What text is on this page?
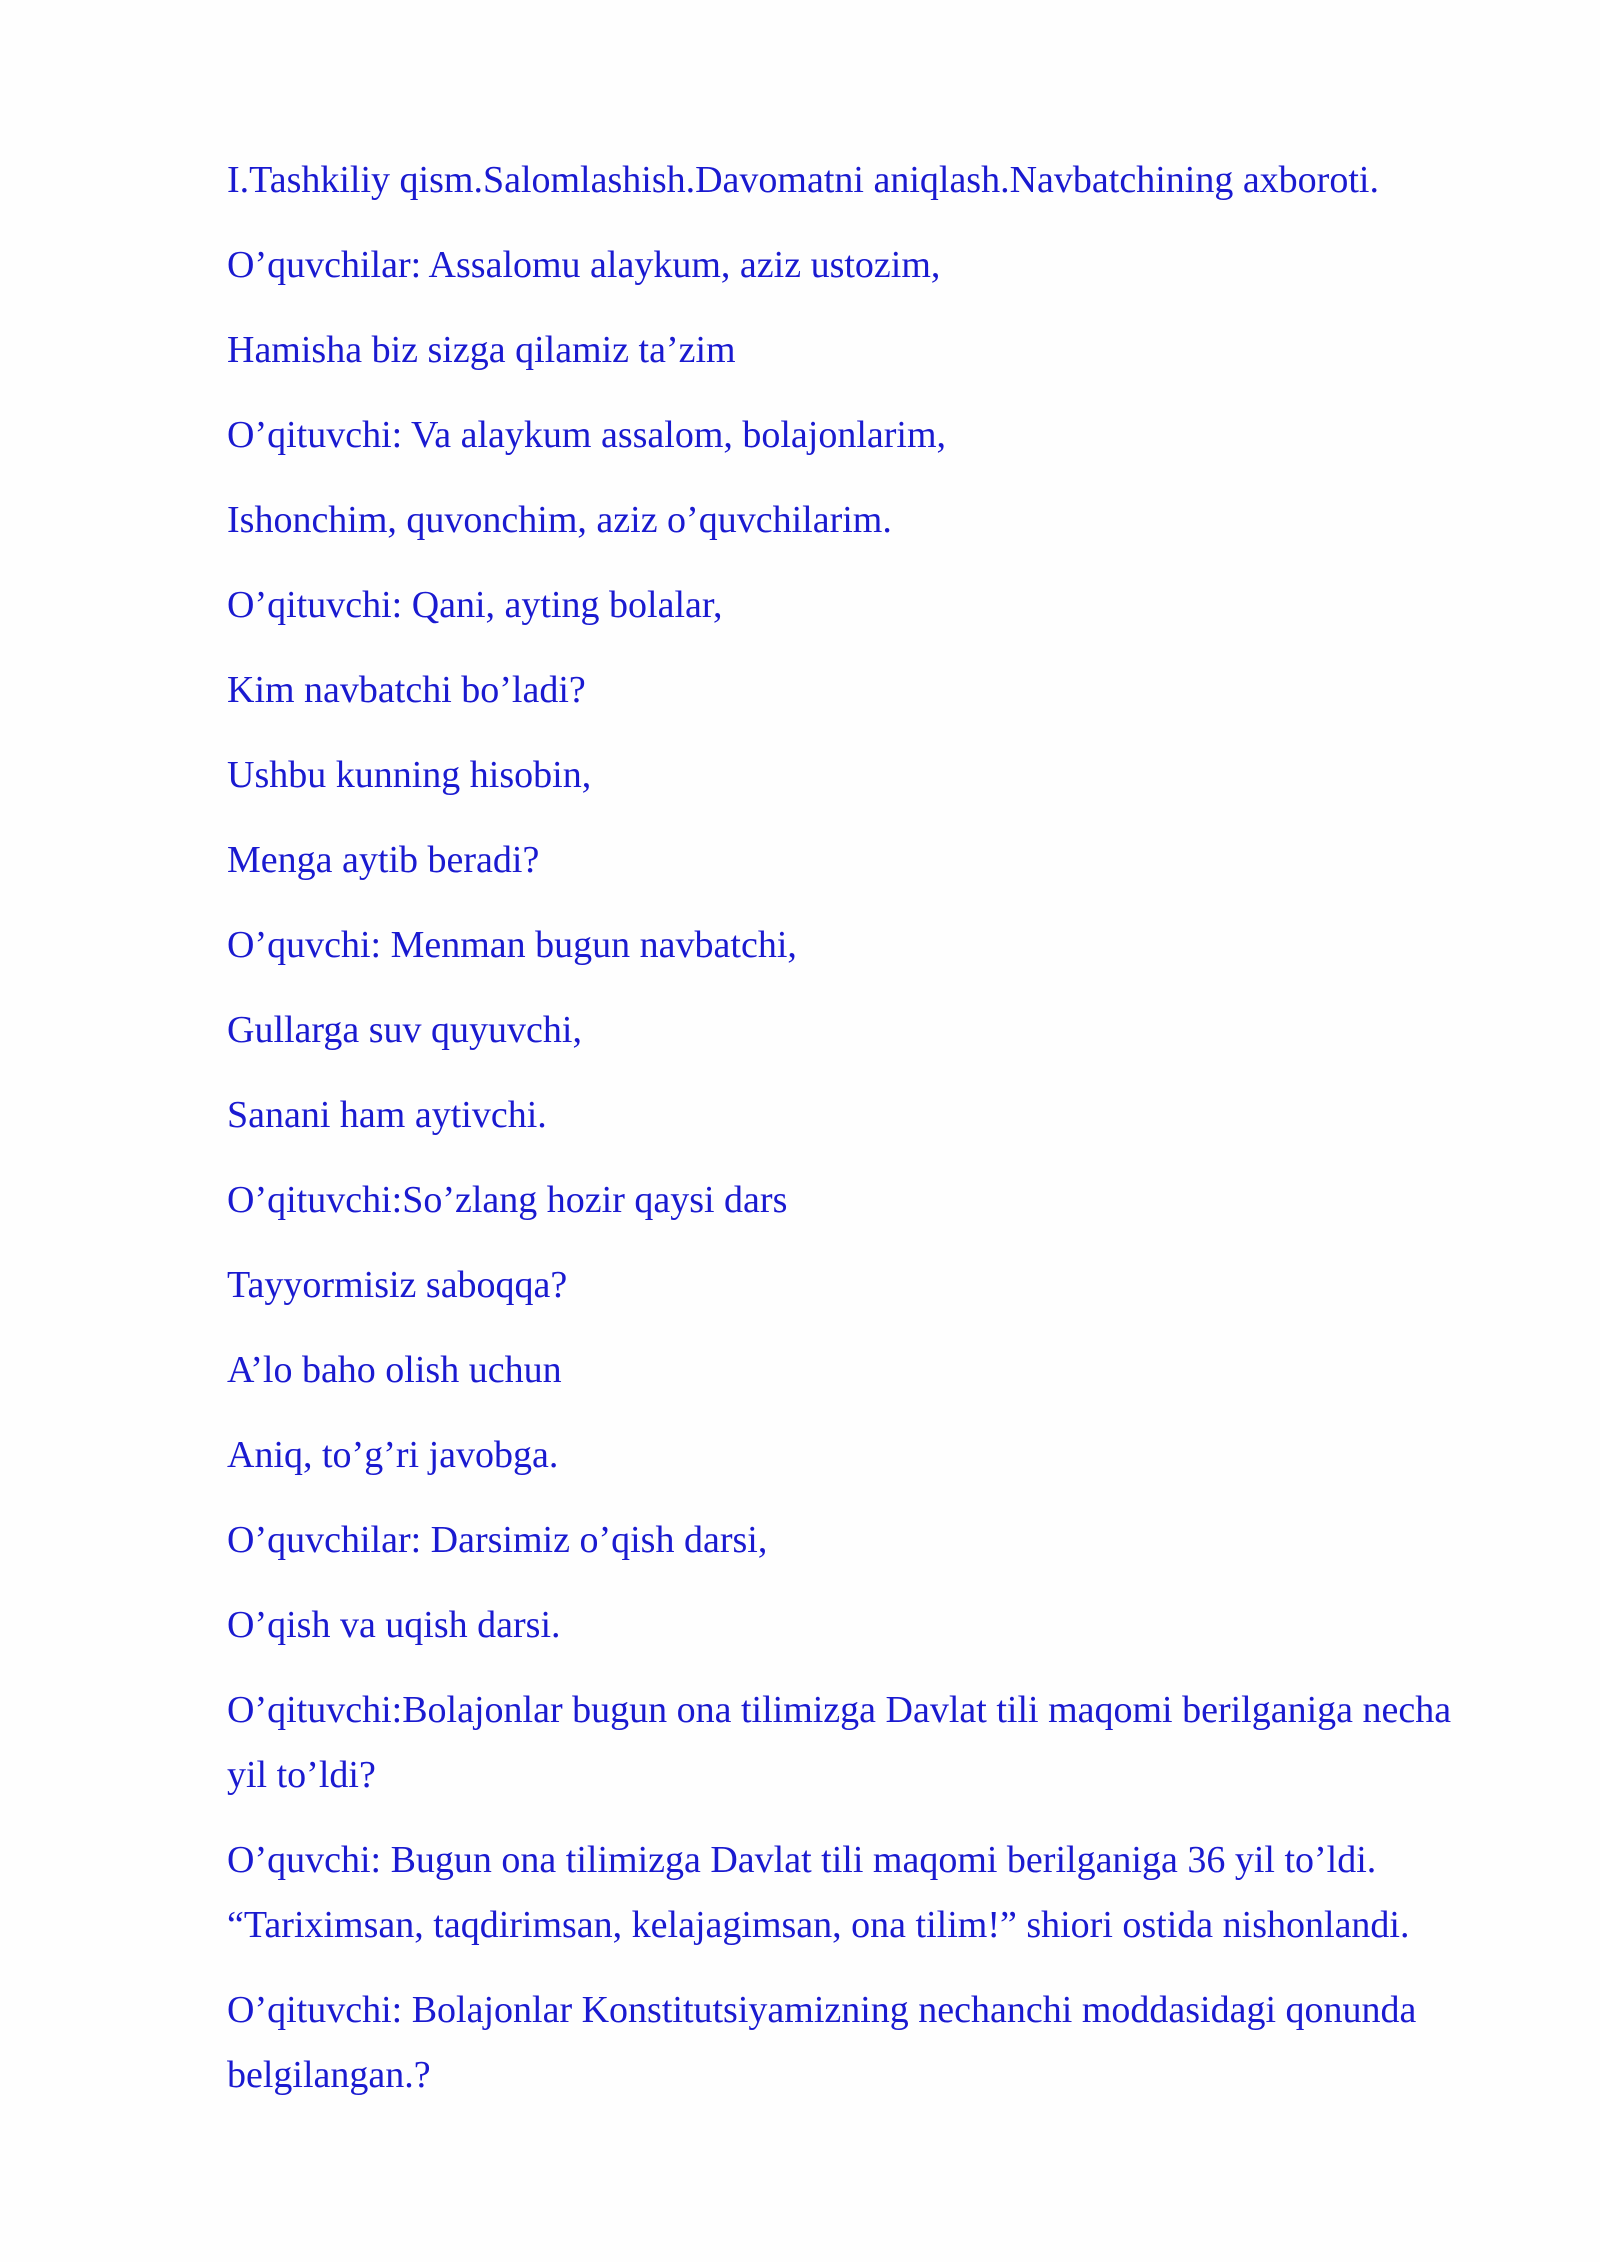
I.Tashkiliy qism.Salomlashish.Davomatni aniqlash.Navbatchining axboroti.

O’quvchilar: Assalomu alaykum, aziz ustozim,

Hamisha biz sizga qilamiz ta’zim

O’qituvchi: Va alaykum assalom, bolajonlarim,

Ishonchim, quvonchim, aziz o’quvchilarim.

O’qituvchi: Qani, ayting bolalar,

Kim navbatchi bo’ladi?

Ushbu kunning hisobin,

Menga aytib beradi?

O’quvchi: Menman bugun navbatchi,

Gullarga suv quyuvchi,

Sanani ham aytivchi.

O’qituvchi:So’zlang hozir qaysi dars

Tayyormisiz saboqqa?

A’lo baho olish uchun

Aniq, to’g’ri javobga.

O’quvchilar: Darsimiz o’qish darsi,

O’qish va uqish darsi.

O’qituvchi:Bolajonlar bugun ona tilimizga Davlat tili maqomi berilganiga necha yil to’ldi?

O’quvchi: Bugun ona tilimizga Davlat tili maqomi berilganiga 36 yil to’ldi. “Tariximsan, taqdirimsan, kelajagimsan, ona tilim!” shiori ostida nishonlandi.

O’qituvchi: Bolajonlar Konstitutsiyamizning nechanchi moddasidagi qonunda belgilangan.?
